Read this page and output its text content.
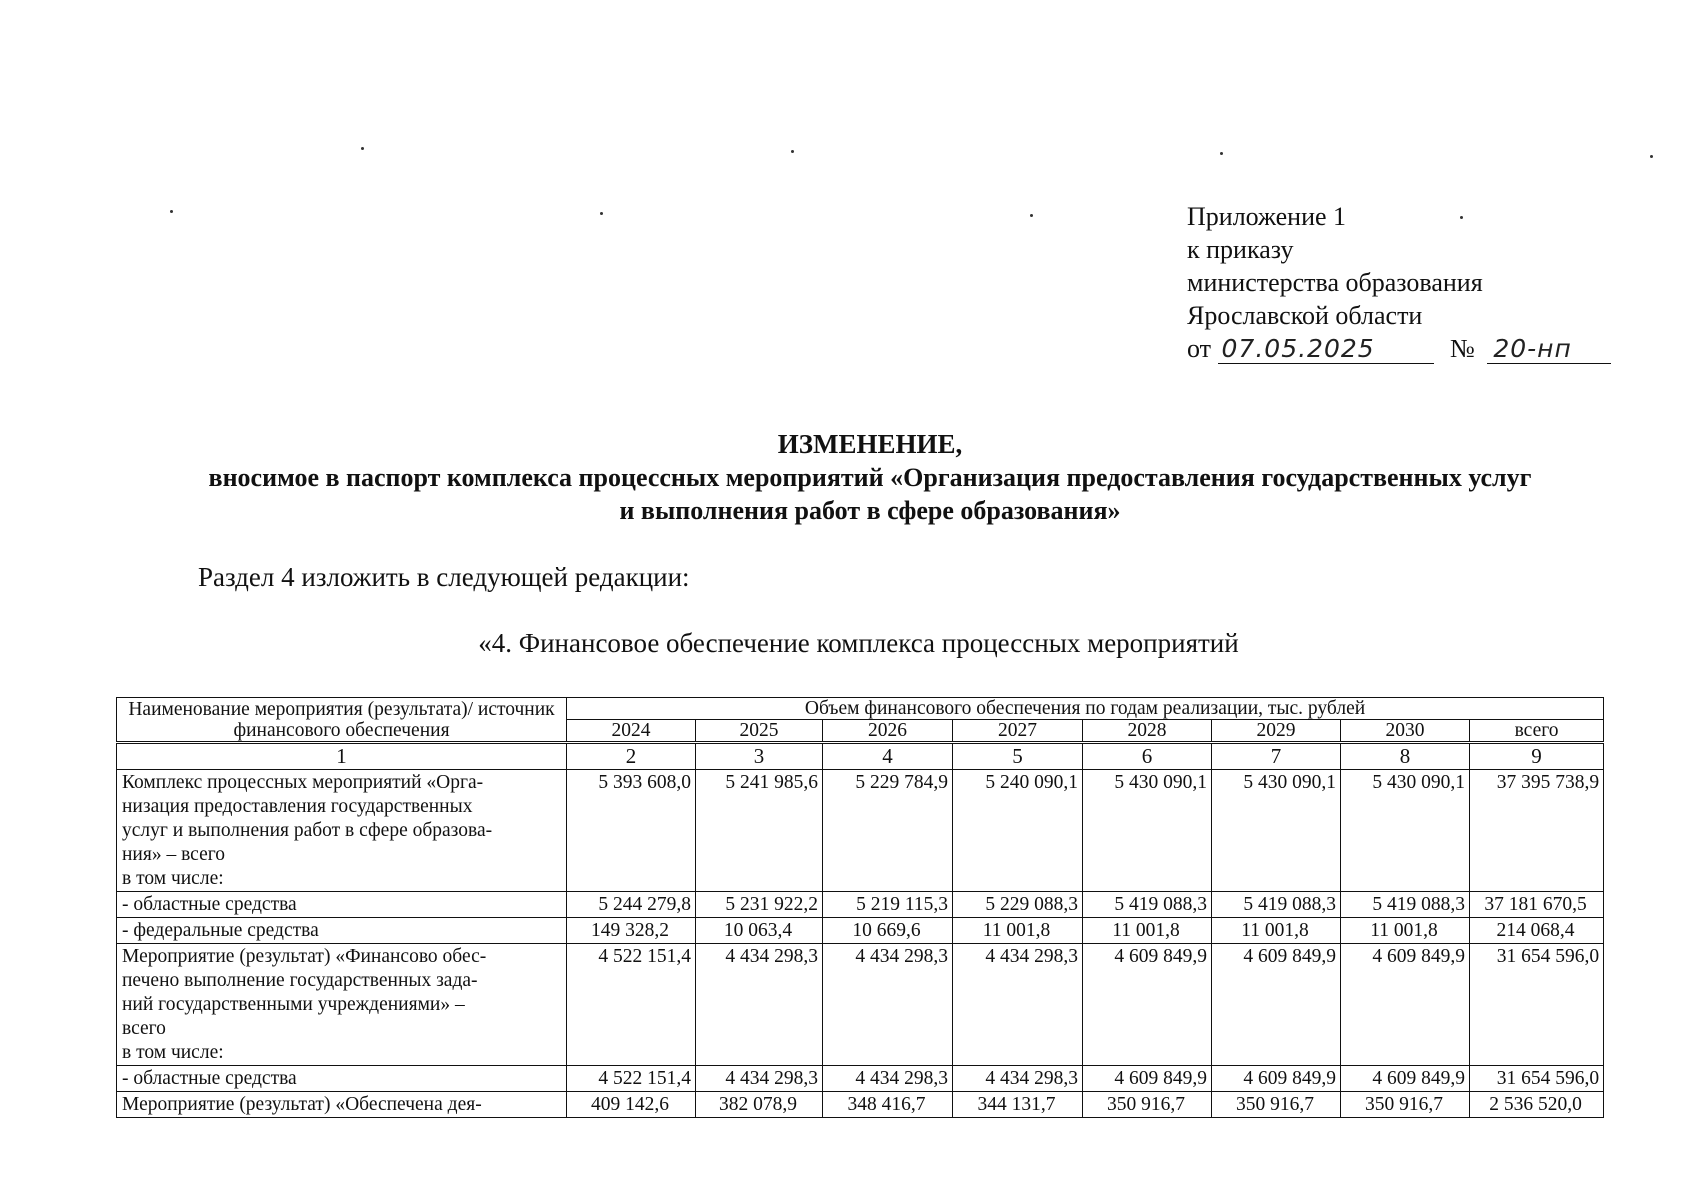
Приложение 1
к приказу
министерства образования
Ярославской области
от 07.05.2025	№ 20-нп
ИЗМЕНЕНИЕ,
вносимое в паспорт комплекса процессных мероприятий «Организация предоставления государственных услуг
и выполнения работ в сфере образования»
Раздел 4 изложить в следующей редакции:
«4. Финансовое обеспечение комплекса процессных мероприятий
Наименование мероприятия (результата)/ источник финансового обеспечения	Объем финансового обеспечения по годам реализации, тыс. рублей							
	2024	2025	2026	2027	2028	2029	2030	всего
1	2	3	4	5	6	7	8	9

Комплекс процессных мероприятий «Орга-
низация предоставления государственных
услуг и выполнения работ в сфере образова-
ния» – всего
в том числе:	5 393 608,0	5 241 985,6	5 229 784,9	5 240 090,1	5 430 090,1	5 430 090,1	5 430 090,1	37 395 738,9

- областные средства	5 244 279,8	5 231 922,2	5 219 115,3	5 229 088,3	5 419 088,3	5 419 088,3	5 419 088,3	37 181 670,5

- федеральные средства	149 328,2	10 063,4	10 669,6	11 001,8	11 001,8	11 001,8	11 001,8	214 068,4

Мероприятие (результат) «Финансово обес-
печено выполнение государственных зада-
ний государственными учреждениями» –
всего
в том числе:	4 522 151,4	4 434 298,3	4 434 298,3	4 434 298,3	4 609 849,9	4 609 849,9	4 609 849,9	31 654 596,0

- областные средства	4 522 151,4	4 434 298,3	4 434 298,3	4 434 298,3	4 609 849,9	4 609 849,9	4 609 849,9	31 654 596,0

Мероприятие (результат) «Обеспечена дея-	409 142,6	382 078,9	348 416,7	344 131,7	350 916,7	350 916,7	350 916,7	2 536 520,0
